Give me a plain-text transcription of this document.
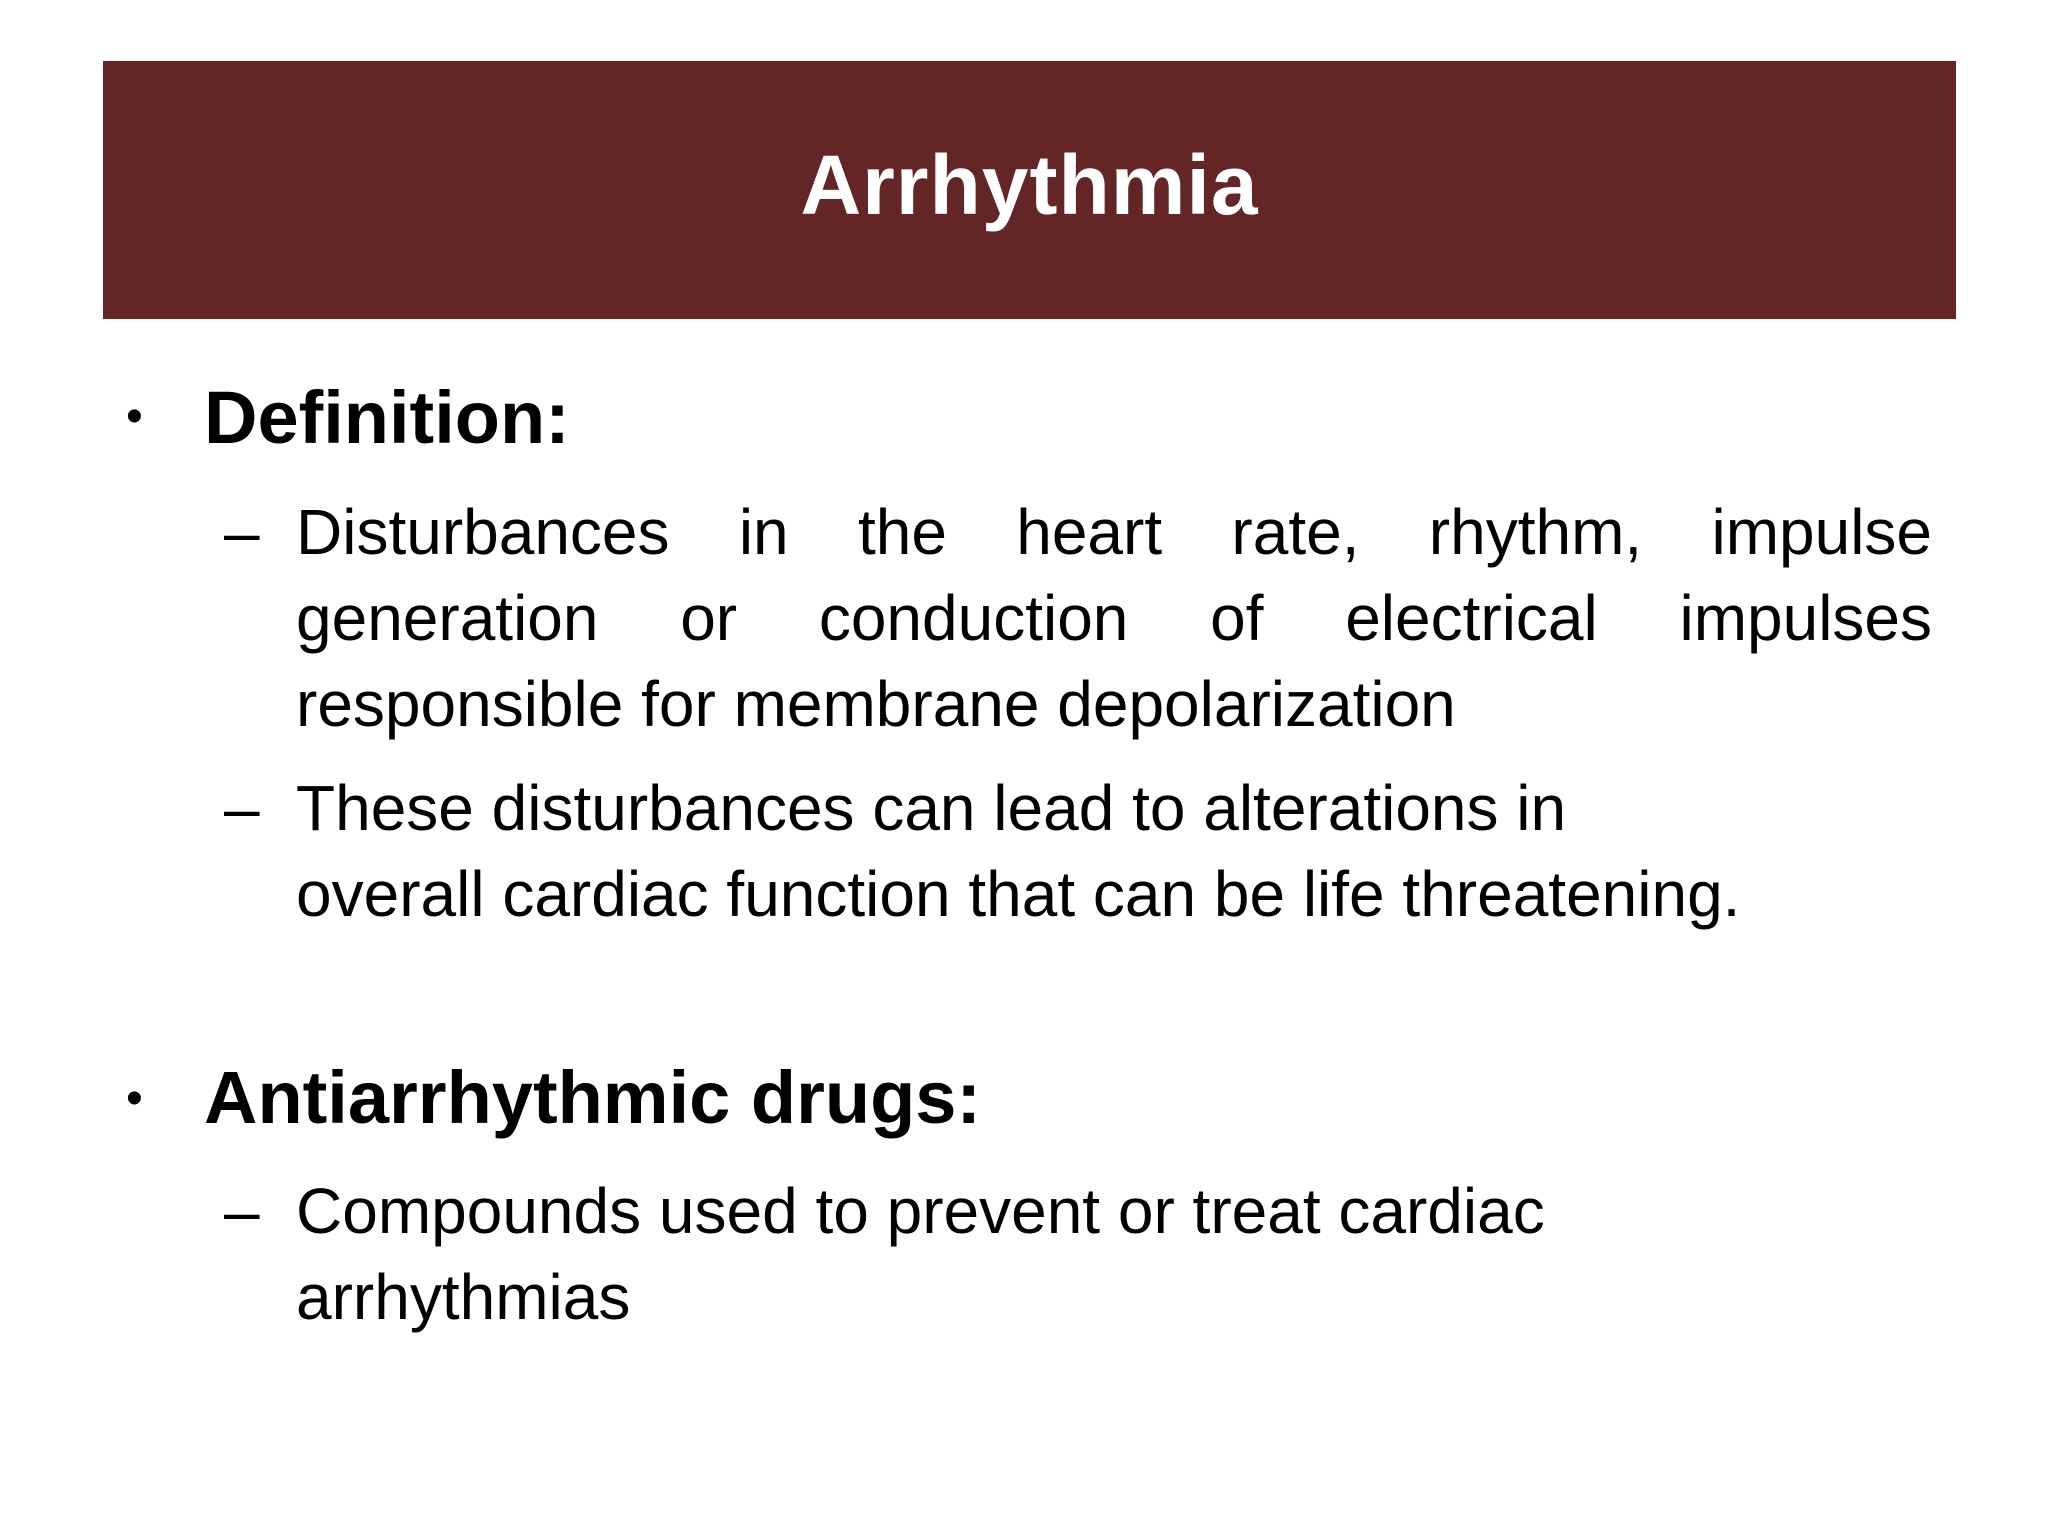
Arrhythmia
• Definition:
– Disturbances in the heart rate, rhythm, impulse generation or conduction of electrical impulses responsible for membrane depolarization
– These disturbances can lead to alterations in overall cardiac function that can be life threatening.
• Antiarrhythmic drugs:
– Compounds used to prevent or treat cardiac arrhythmias
